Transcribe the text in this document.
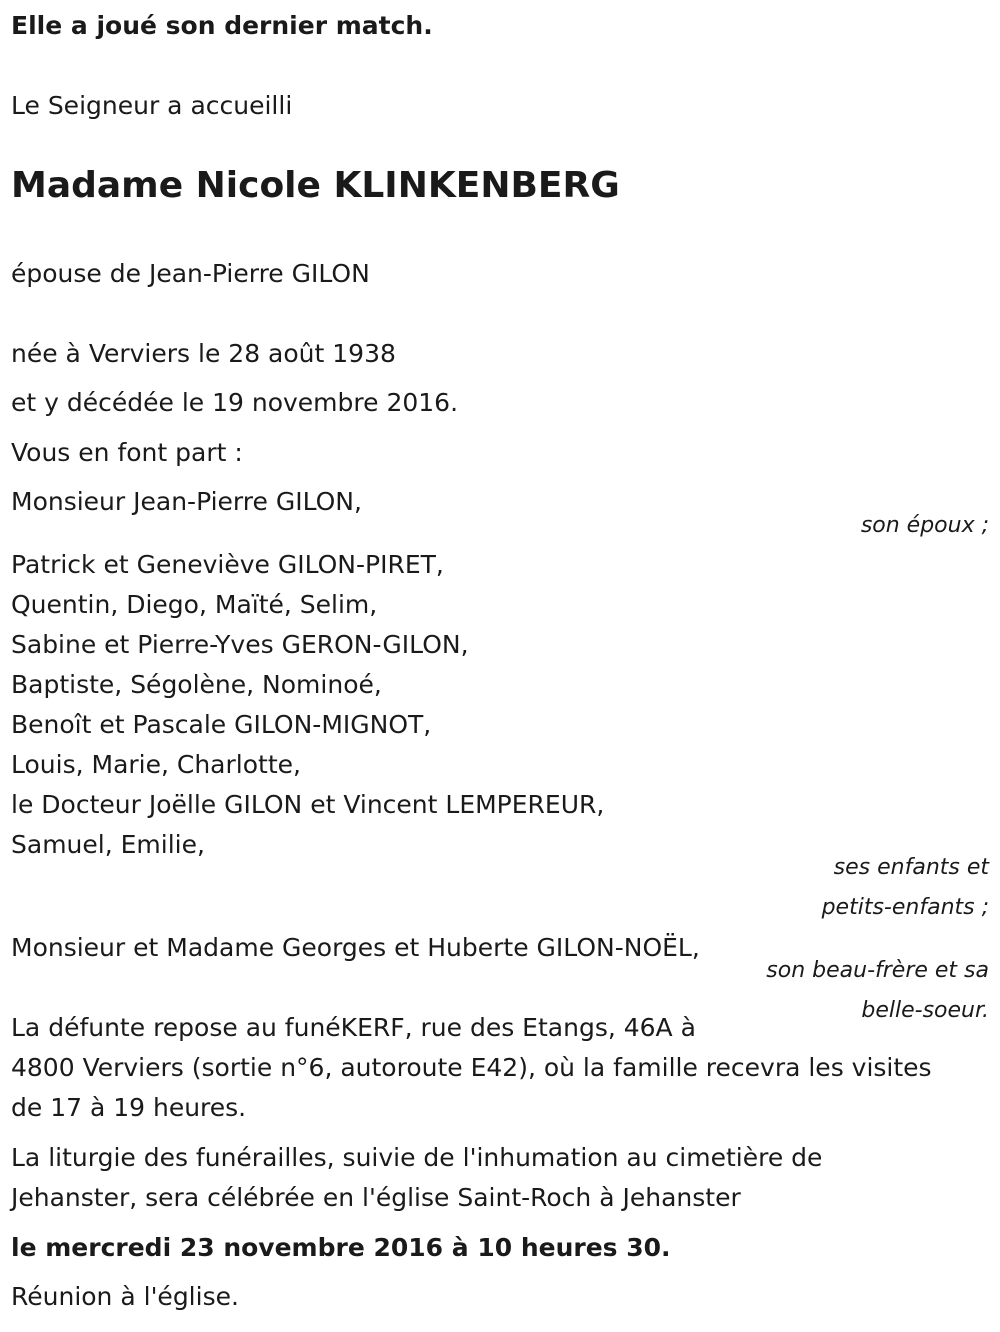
Elle a joué son dernier match.
Le Seigneur a accueilli
Madame Nicole KLINKENBERG
épouse de Jean-Pierre GILON
née à Verviers le 28 août 1938
et y décédée le 19 novembre 2016.
Vous en font part :
Monsieur Jean-Pierre GILON,
son époux ;
Patrick et Geneviève GILON-PIRET,
Quentin, Diego, Maïté, Selim,
Sabine et Pierre-Yves GERON-GILON,
Baptiste, Ségolène, Nominoé,
Benoît et Pascale GILON-MIGNOT,
Louis, Marie, Charlotte,
le Docteur Joëlle GILON et Vincent LEMPEREUR,
Samuel, Emilie,
ses enfants et
petits-enfants ;
Monsieur et Madame Georges et Huberte GILON-NOËL,
son beau-frère et sa
belle-soeur.
La défunte repose au funéKERF, rue des Etangs, 46A à
4800 Verviers (sortie n°6, autoroute E42), où la famille recevra les visites
de 17 à 19 heures.
La liturgie des funérailles, suivie de l'inhumation au cimetière de
Jehanster, sera célébrée en l'église Saint-Roch à Jehanster
le mercredi 23 novembre 2016 à 10 heures 30.
Réunion à l'église.
